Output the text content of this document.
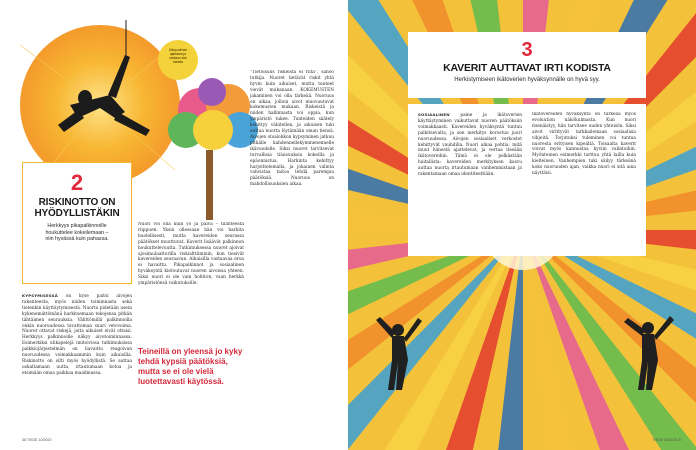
Ulkopuolinen ajatuksia ja rakkaus alta toiselta
2
RISKINOTTO ON
HYÖDYLLISTÄKIN
Herkkyys pikapalkinnoille
houkuttelee kokeilemaan –
niin hyvässä kuin pahassa.
KYPSYMISESSÄ on kyse paitsi aivojen rakenteesta, myös niiden toiminnasta sekä tietenkin käyttäytymisestä. Nuorta pidetään usein kykenemättömänä harkitsemaan tekojensa pitkän tähtäimen seurauksia. Välittömillä palkinnoilla onkin nuoruudessa tavattoman suuri vetovoima. Nuoret ottavat riskejä, joita aikuiset eivät ottaisi. Herkkyys palkinnoille näkyy aivotoiminnassa. Esimerkiksi uhkapelejä imitoivissa tutkimuksissa palkkiojärjestelmän on havaittu reagoivan nuoruudessa voimakkaammin kuin aikuisilla. Riskinotto on silti myös hyödyllistä. Se auttaa uskaltamaan uutta, irtautumaan kotoa ja etsimään omaa paikkaa maailmassa.
Nuori voi olla kuin yö ja päivä – tilanteesta riippuen. Yksin ollessaan hän voi harkita huolellisesti, mutta kavereiden seurassa päätökset muuttuvat. Kaverit lisäävät palkinnon houkuttelevuutta. Tutkimuksessa nuoret ajoivat ajosimulaattorilla riskialttiimmin, kun tiesivät kavereiden seuraavan. Aikuisilla vastaavaa eroa ei havaittu. Pikapalkinnot ja sosiaalinen hyväksyntä kietoutuvat nuoren aivoissa yhteen. Siksi nuori ei ole vain holtiton, vaan herkkä ympäristönsä vaikutuksille.
Teineillä on yleensä jo kyky tehdä kypsiä päätöksiä, mutta se ei ole vielä luotettavasti käytössä.
”Tietoisuus riskeistä ei riitä”, sanoo tutkija. Nuoret tietävät riskit yhtä hyvin kuin aikuiset, mutta tunteet vievät mukanaan. KOKEMUSTEN jakaminen voi olla tärkeää. Nuoruus on aikaa, jolloin aivot muovautuvat kokemusten mukaan. Riskeistä ja niiden hallinnasta voi oppia, kun ympäristö tukee. Tunteiden säätely kehittyy vähitellen, ja aikuisen tuki auttaa nuorta löytämään oman tiensä. Aivojen otsalohkon kypsyminen jatkuu pitkälle kahdennellekymmenennelle ikävuodelle. Siksi nuoret tarvitsevat turvallisia tilaisuuksia kokeilla ja epäonnistua. Harkinta kehittyy harjoittelemalla, ja jokainen valinta vahvistaa taitoa tehdä parempia päätöksiä. Nuoruus on mahdollisuuksien aikaa.
36 TIEDE 10/2020
3
KAVERIT AUTTAVAT IRTI KODISTA
Herkistymiseen ikätoverien hyväksynnälle on hyvä syy.
SOSIAALINEN paine ja ikätoverien käyttäytyminen vaikuttavat nuoren päätöksiin voimakkaasti. Kavereiden hyväksyntä tuntuu palkitsevalta, ja sen merkitys korostuu juuri nuoruudessa. Aivojen sosiaaliset verkostot kehittyvät vauhdilla. Nuori alkaa pohtia, mitä muut hänestä ajattelevat, ja vertaa itseään ikätovereihin. Tämä ei ole pelkästään haitallista: kavereiden merkityksen kasvu auttaa nuorta irtautumaan vanhemmistaan ja rakentamaan omaa identiteettiään.
Ikätovereiden hyväksyntä on tärkeää myös evoluution näkökulmasta. Kun nuori itsenäistyy, hän tarvitsee uuden yhteisön. Siksi aivot virittyvät tarkkailemaan sosiaalisia vihjeitä. Torjutuksi tuleminen voi tuntua nuoresta erityisen kipeältä. Toisaalta kaverit voivat myös kannustaa hyviin valintoihin. Myönteinen esimerkki tarttuu yhtä lailla kuin kielteinen. Vanhempien tuki säilyy tärkeänä koko nuoruuden ajan, vaikka nuori ei sitä aina näyttäisi.
TIEDE 10/2020 37
